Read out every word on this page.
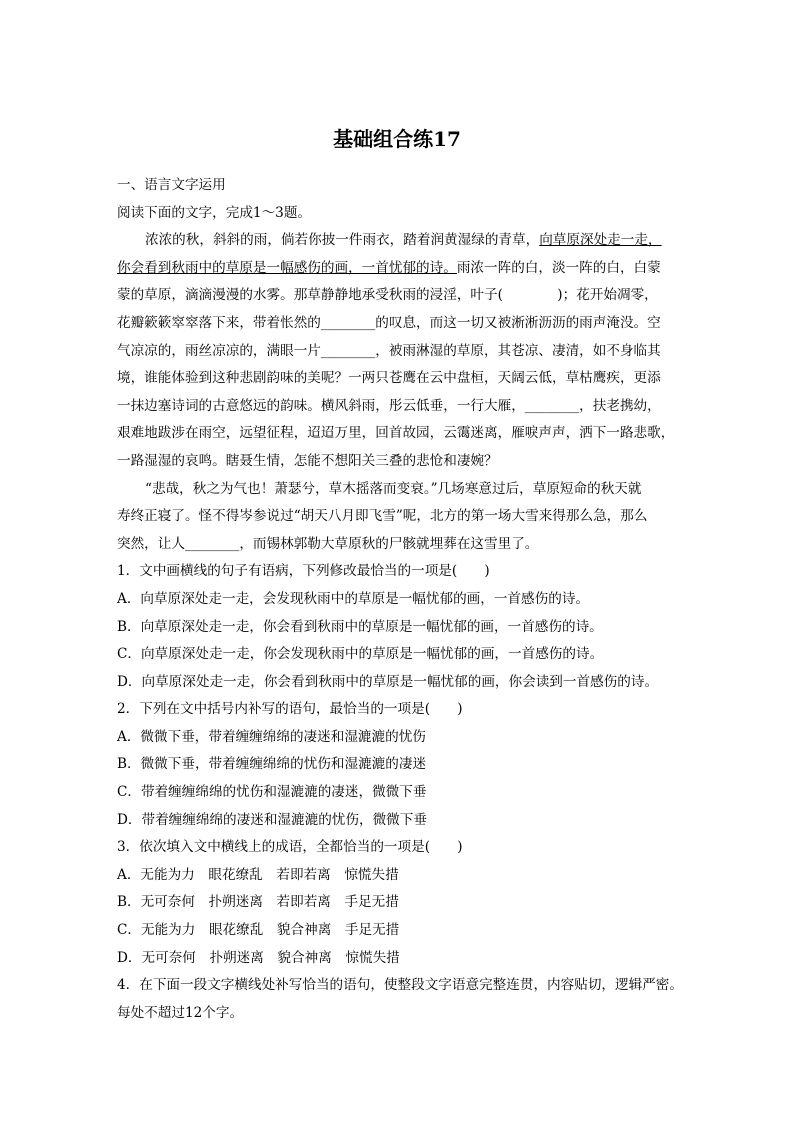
基础组合练17

一、语言文字运用

阅读下面的文字，完成1～3题。

浓浓的秋，斜斜的雨，倘若你披一件雨衣，踏着润黄湿绿的青草，向草原深处走一走，

你会看到秋雨中的草原是一幅感伤的画，一首忧郁的诗。雨浓一阵的白，淡一阵的白，白蒙

蒙的草原，滴滴漫漫的水雾。那草静静地承受秋雨的浸淫，叶子(　　　　)；花开始凋零，

花瓣簌簌窣窣落下来，带着怅然的________的叹息，而这一切又被淅淅沥沥的雨声淹没。空

气凉凉的，雨丝凉凉的，满眼一片________，被雨淋湿的草原，其苍凉、凄清，如不身临其

境，谁能体验到这种悲剧韵味的美呢？一两只苍鹰在云中盘桓，天阔云低，草枯鹰疾，更添

一抹边塞诗词的古意悠远的韵味。横风斜雨，彤云低垂，一行大雁，________，扶老携幼，

艰难地跋涉在雨空，远望征程，迢迢万里，回首故园，云霭迷离，雁唳声声，洒下一路悲歌，

一路湿湿的哀鸣。瞎聂生情，怎能不想阳关三叠的悲怆和凄婉？

“悲哉，秋之为气也！萧瑟兮，草木摇落而变衰。”几场寒意过后，草原短命的秋天就

寿终正寝了。怪不得岑参说过“胡天八月即飞雪”呢，北方的第一场大雪来得那么急，那么

突然，让人________，而锡林郭勒大草原秋的尸骸就埋葬在这雪里了。

1．文中画横线的句子有语病，下列修改最恰当的一项是(　　)

A．向草原深处走一走，会发现秋雨中的草原是一幅忧郁的画，一首感伤的诗。

B．向草原深处走一走，你会看到秋雨中的草原是一幅忧郁的画，一首感伤的诗。

C．向草原深处走一走，你会发现秋雨中的草原是一幅忧郁的画，一首感伤的诗。

D．向草原深处走一走，你会看到秋雨中的草原是一幅忧郁的画，你会读到一首感伤的诗。

2．下列在文中括号内补写的语句，最恰当的一项是(　　)

A．微微下垂，带着缠缠绵绵的凄迷和湿漉漉的忧伤

B．微微下垂，带着缠缠绵绵的忧伤和湿漉漉的凄迷

C．带着缠缠绵绵的忧伤和湿漉漉的凄迷，微微下垂

D．带着缠缠绵绵的凄迷和湿漉漉的忧伤，微微下垂

3．依次填入文中横线上的成语，全都恰当的一项是(　　)

A．无能为力　眼花缭乱　若即若离　惊慌失措

B．无可奈何　扑朔迷离　若即若离　手足无措

C．无能为力　眼花缭乱　貌合神离　手足无措

D．无可奈何　扑朔迷离　貌合神离　惊慌失措

4．在下面一段文字横线处补写恰当的语句，使整段文字语意完整连贯，内容贴切，逻辑严密。

每处不超过12个字。
